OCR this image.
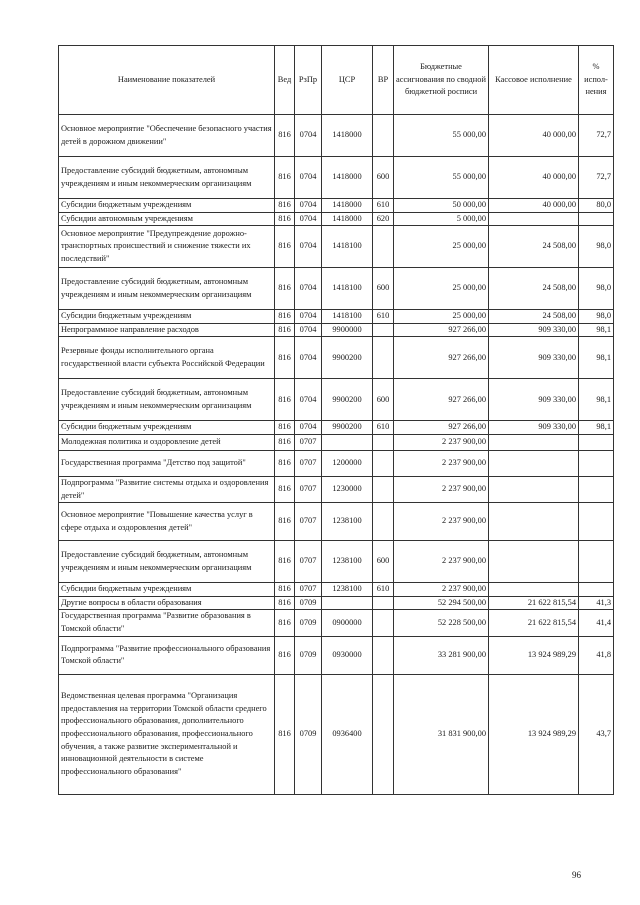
Наименование показателей	Вед	РзПр	ЦСР	ВР	Бюджетные ассигнования по сводной бюджетной росписи	Кассовое исполнение	% испол-нения
Основное мероприятие "Обеспечение безопасного участия детей в дорожном движении"	816	0704	1418000		55 000,00	40 000,00	72,7
Предоставление субсидий бюджетным, автономным учреждениям и иным некоммерческим организациям	816	0704	1418000	600	55 000,00	40 000,00	72,7
Субсидии бюджетным учреждениям	816	0704	1418000	610	50 000,00	40 000,00	80,0
Субсидии автономным учреждениям	816	0704	1418000	620	5 000,00		
Основное мероприятие "Предупреждение дорожно-транспортных происшествий и снижение тяжести их последствий"	816	0704	1418100		25 000,00	24 508,00	98,0
Предоставление субсидий бюджетным, автономным учреждениям и иным некоммерческим организациям	816	0704	1418100	600	25 000,00	24 508,00	98,0
Субсидии бюджетным учреждениям	816	0704	1418100	610	25 000,00	24 508,00	98,0
Непрограммное направление расходов	816	0704	9900000		927 266,00	909 330,00	98,1
Резервные фонды исполнительного органа государственной власти субъекта Российской Федерации	816	0704	9900200		927 266,00	909 330,00	98,1
Предоставление субсидий бюджетным, автономным учреждениям и иным некоммерческим организациям	816	0704	9900200	600	927 266,00	909 330,00	98,1
Субсидии бюджетным учреждениям	816	0704	9900200	610	927 266,00	909 330,00	98,1
Молодежная политика и оздоровление детей	816	0707			2 237 900,00		
Государственная программа "Детство под защитой"	816	0707	1200000		2 237 900,00		
Подпрограмма "Развитие системы отдыха и оздоровления детей"	816	0707	1230000		2 237 900,00		
Основное мероприятие "Повышение качества услуг в сфере отдыха и оздоровления детей"	816	0707	1238100		2 237 900,00		
Предоставление субсидий бюджетным, автономным учреждениям и иным некоммерческим организациям	816	0707	1238100	600	2 237 900,00		
Субсидии бюджетным учреждениям	816	0707	1238100	610	2 237 900,00		
Другие вопросы в области образования	816	0709			52 294 500,00	21 622 815,54	41,3
Государственная программа "Развитие образования в Томской области"	816	0709	0900000		52 228 500,00	21 622 815,54	41,4
Подпрограмма "Развитие профессионального образования Томской области"	816	0709	0930000		33 281 900,00	13 924 989,29	41,8
Ведомственная целевая программа "Организация предоставления на территории Томской области среднего профессионального образования, дополнительного профессионального образования, профессионального обучения, а также развитие экспериментальной и инновационной деятельности в системе профессионального образования"	816	0709	0936400		31 831 900,00	13 924 989,29	43,7
96
